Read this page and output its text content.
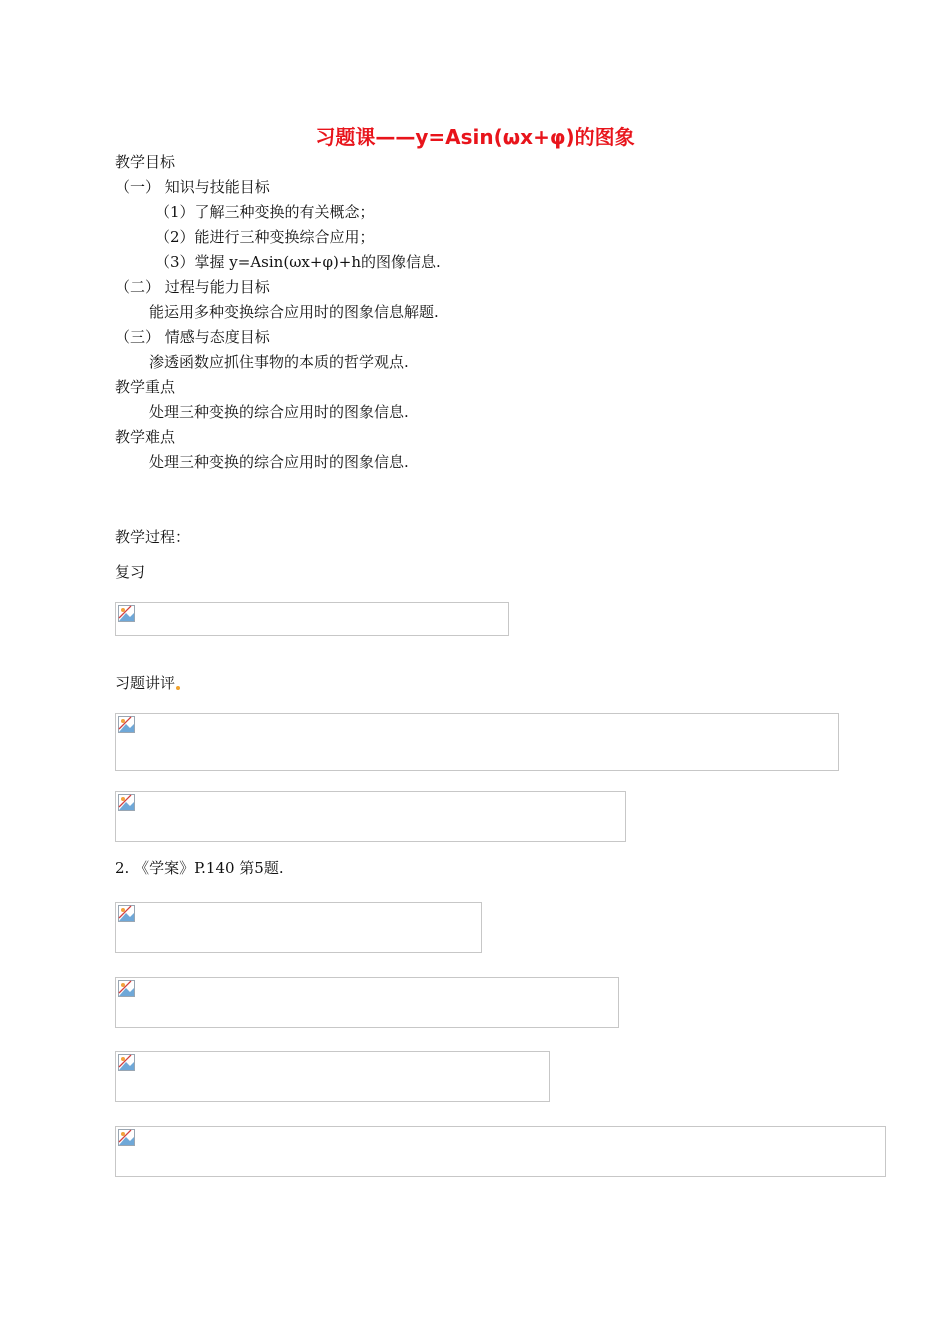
习题课——y=Asin(ωx+φ)的图象
教学目标
（一） 知识与技能目标
（1）了解三种变换的有关概念；
（2）能进行三种变换综合应用；
（3）掌握 y=Asin(ωx+φ)+h的图像信息.
（二） 过程与能力目标
能运用多种变换综合应用时的图象信息解题.
（三） 情感与态度目标
渗透函数应抓住事物的本质的哲学观点.
教学重点
处理三种变换的综合应用时的图象信息.
教学难点
处理三种变换的综合应用时的图象信息.
教学过程：
复习
习题讲评
2. 《学案》P.140 第5题.
